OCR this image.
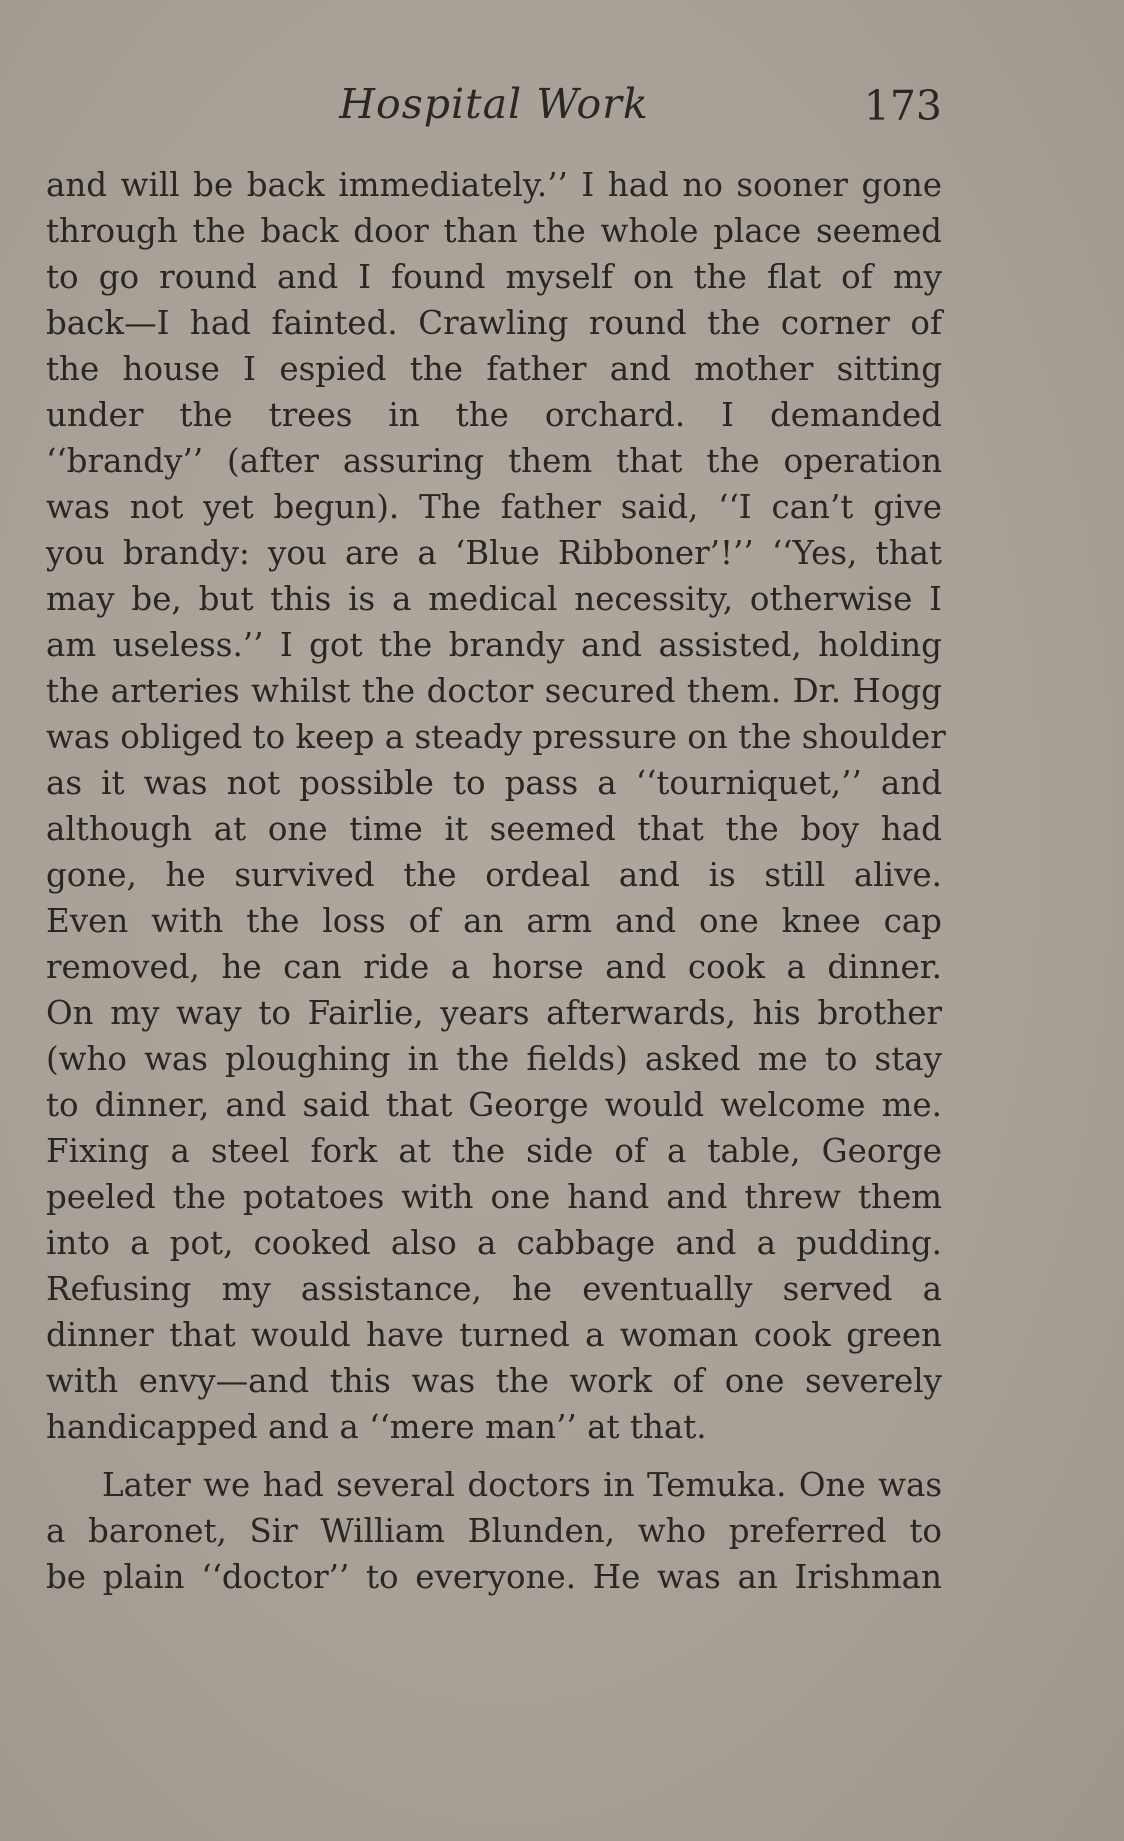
Hospital Work	173

and will be back immediately.’’ I had no sooner gone
through the back door than the whole place seemed
to go round and I found myself on the flat of my
back—I had fainted. Crawling round the corner of
the house I espied the father and mother sitting
under the trees in the orchard. I demanded
‘‘brandy’’ (after assuring them that the operation
was not yet begun). The father said, ‘‘I can’t give
you brandy: you are a ‘Blue Ribboner’!’’ ‘‘Yes, that
may be, but this is a medical necessity, otherwise I
am useless.’’ I got the brandy and assisted, holding
the arteries whilst the doctor secured them. Dr. Hogg
was obliged to keep a steady pressure on the shoulder
as it was not possible to pass a ‘‘tourniquet,’’ and
although at one time it seemed that the boy had
gone, he survived the ordeal and is still alive.
Even with the loss of an arm and one knee cap
removed, he can ride a horse and cook a dinner.
On my way to Fairlie, years afterwards, his brother
(who was ploughing in the fields) asked me to stay
to dinner, and said that George would welcome me.
Fixing a steel fork at the side of a table, George
peeled the potatoes with one hand and threw them
into a pot, cooked also a cabbage and a pudding.
Refusing my assistance, he eventually served a
dinner that would have turned a woman cook green
with envy—and this was the work of one severely
handicapped and a ‘‘mere man’’ at that.

Later we had several doctors in Temuka. One was
a baronet, Sir William Blunden, who preferred to
be plain ‘‘doctor’’ to everyone. He was an Irishman
